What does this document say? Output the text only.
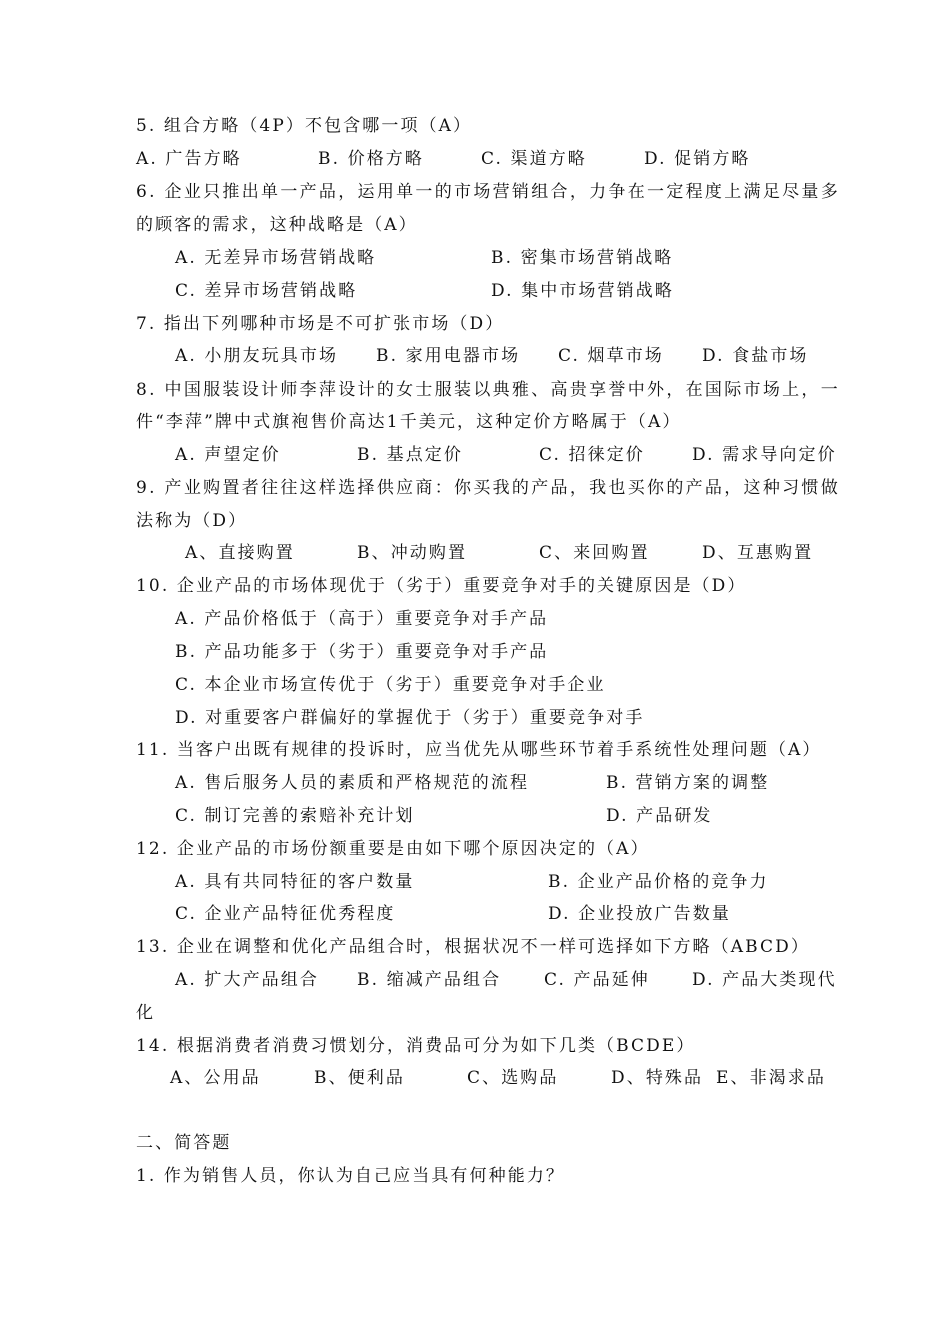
5. 组合方略（4P）不包含哪一项（A）
A. 广告方略	B. 价格方略	C. 渠道方略	D. 促销方略
6. 企业只推出单一产品，运用单一的市场营销组合，力争在一定程度上满足尽量多
的顾客的需求，这种战略是（A）
A. 无差异市场营销战略	B. 密集市场营销战略
C. 差异市场营销战略	D. 集中市场营销战略
7. 指出下列哪种市场是不可扩张市场（D）
A. 小朋友玩具市场 B. 家用电器市场 C. 烟草市场 D. 食盐市场
8. 中国服装设计师李萍设计的女士服装以典雅、高贵享誉中外，在国际市场上，一
件“李萍”牌中式旗袍售价高达1千美元，这种定价方略属于（A）
A. 声望定价	B. 基点定价	C. 招徕定价	D. 需求导向定价
9. 产业购置者往往这样选择供应商：你买我的产品，我也买你的产品，这种习惯做
法称为（D）
A、直接购置	B、冲动购置	C、来回购置	D、互惠购置
10. 企业产品的市场体现优于（劣于）重要竞争对手的关键原因是（D）
A. 产品价格低于（高于）重要竞争对手产品
B. 产品功能多于（劣于）重要竞争对手产品
C. 本企业市场宣传优于（劣于）重要竞争对手企业
D. 对重要客户群偏好的掌握优于（劣于）重要竞争对手
11. 当客户出既有规律的投诉时，应当优先从哪些环节着手系统性处理问题（A）
A. 售后服务人员的素质和严格规范的流程	B. 营销方案的调整
C. 制订完善的索赔补充计划	D. 产品研发
12. 企业产品的市场份额重要是由如下哪个原因决定的（A）
A. 具有共同特征的客户数量	B. 企业产品价格的竞争力
C. 企业产品特征优秀程度	D. 企业投放广告数量
13. 企业在调整和优化产品组合时，根据状况不一样可选择如下方略（ABCD）
A. 扩大产品组合 B. 缩减产品组合	C. 产品延伸 D. 产品大类现代
化
14. 根据消费者消费习惯划分，消费品可分为如下几类（BCDE）
A、公用品	B、便利品	C、选购品	D、特殊品 E、非渴求品
二、简答题
1. 作为销售人员，你认为自己应当具有何种能力？
